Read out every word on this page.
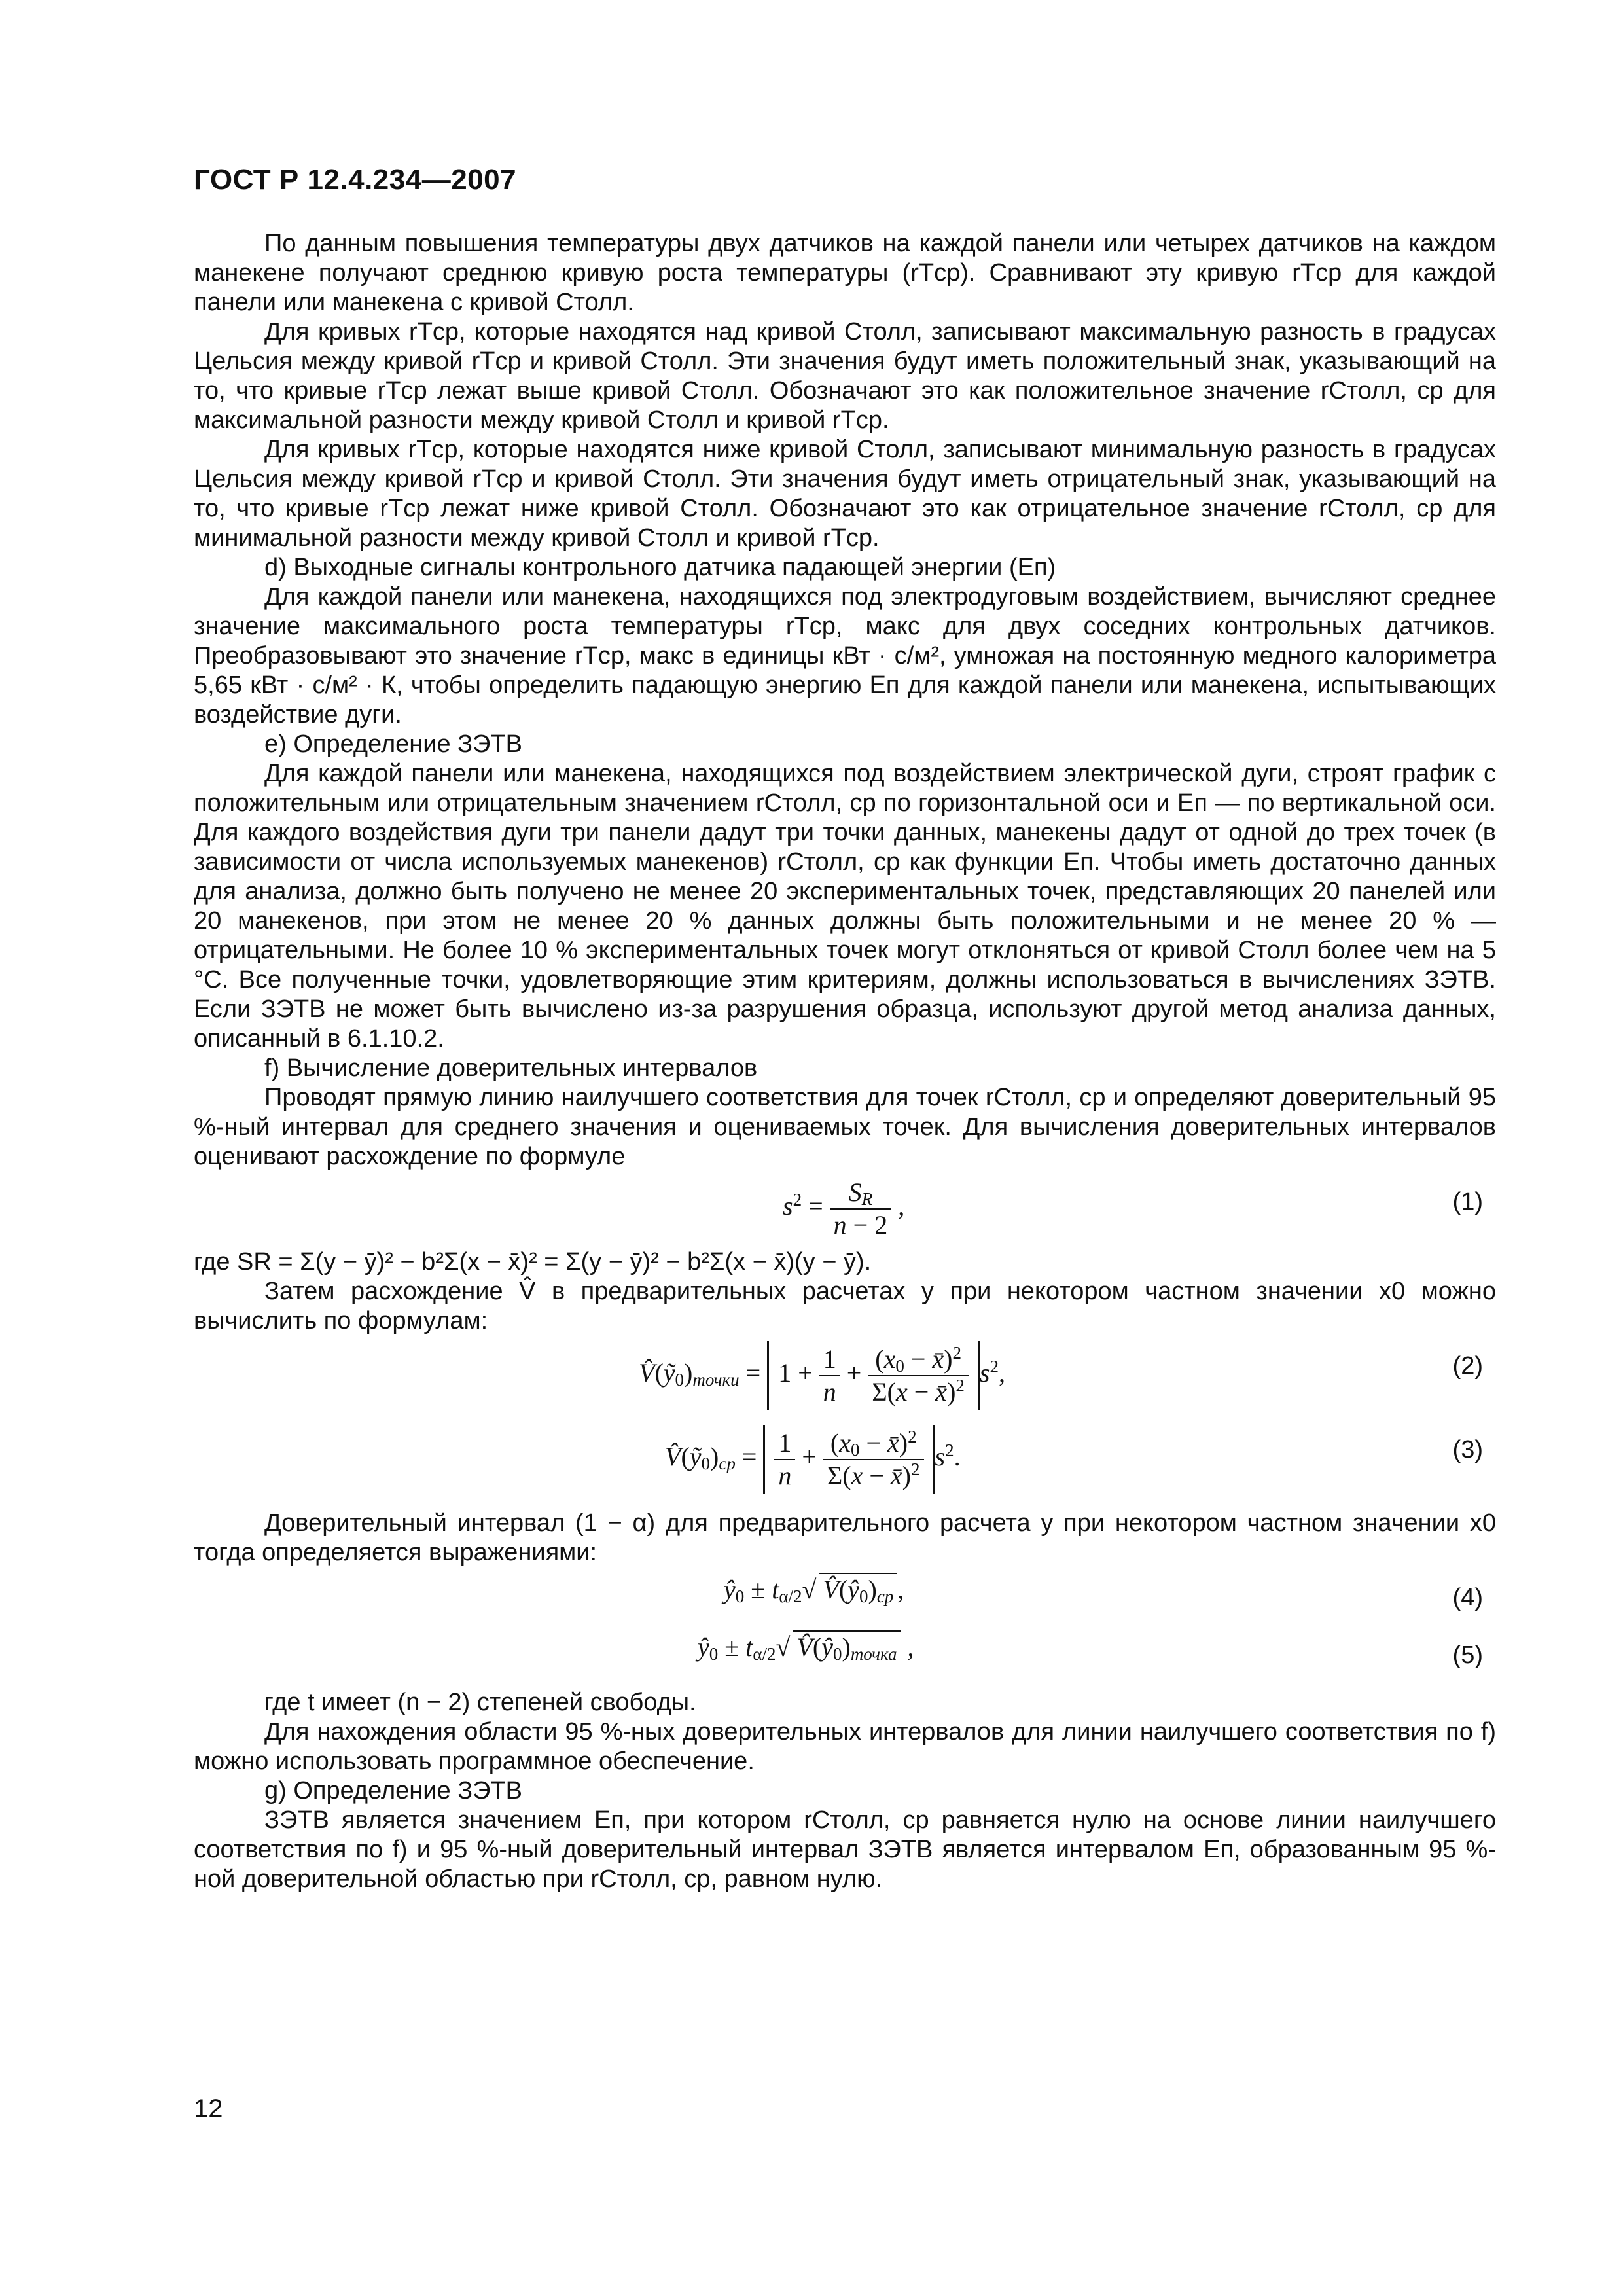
ГОСТ Р 12.4.234—2007

По данным повышения температуры двух датчиков на каждой панели или четырех датчиков на каждом манекене получают среднюю кривую роста температуры (rTср). Сравнивают эту кривую rTср для каждой панели или манекена с кривой Столл.

Для кривых rTср, которые находятся над кривой Столл, записывают максимальную разность в градусах Цельсия между кривой rTср и кривой Столл. Эти значения будут иметь положительный знак, указывающий на то, что кривые rTср лежат выше кривой Столл. Обозначают это как положительное значение rСтолл, ср для максимальной разности между кривой Столл и кривой rTср.

Для кривых rTср, которые находятся ниже кривой Столл, записывают минимальную разность в градусах Цельсия между кривой rTср и кривой Столл. Эти значения будут иметь отрицательный знак, указывающий на то, что кривые rTср лежат ниже кривой Столл. Обозначают это как отрицательное значение rСтолл, ср для минимальной разности между кривой Столл и кривой rTср.

d) Выходные сигналы контрольного датчика падающей энергии (Eп)

Для каждой панели или манекена, находящихся под электродуговым воздействием, вычисляют среднее значение максимального роста температуры rTср, макс для двух соседних контрольных датчиков. Преобразовывают это значение rTср, макс в единицы кВт · с/м², умножая на постоянную медного калориметра 5,65 кВт · с/м² · К, чтобы определить падающую энергию Eп для каждой панели или манекена, испытывающих воздействие дуги.

e) Определение ЗЭТВ

Для каждой панели или манекена, находящихся под воздействием электрической дуги, строят график с положительным или отрицательным значением rСтолл, ср по горизонтальной оси и Eп — по вертикальной оси. Для каждого воздействия дуги три панели дадут три точки данных, манекены дадут от одной до трех точек (в зависимости от числа используемых манекенов) rСтолл, ср как функции Eп. Чтобы иметь достаточно данных для анализа, должно быть получено не менее 20 экспериментальных точек, представляющих 20 панелей или 20 манекенов, при этом не менее 20 % данных должны быть положительными и не менее 20 % — отрицательными. Не более 10 % экспериментальных точек могут отклоняться от кривой Столл более чем на 5 °С. Все полученные точки, удовлетворяющие этим критериям, должны использоваться в вычислениях ЗЭТВ. Если ЗЭТВ не может быть вычислено из-за разрушения образца, используют другой метод анализа данных, описанный в 6.1.10.2.

f) Вычисление доверительных интервалов

Проводят прямую линию наилучшего соответствия для точек rСтолл, ср и определяют доверительный 95 %-ный интервал для среднего значения и оцениваемых точек. Для вычисления доверительных интервалов оценивают расхождение по формуле

$s^2 = \frac{S_R}{n - 2}$ ,	(1)

где SR = Σ(y − ȳ)² − b²Σ(x − x̄)² = Σ(y − ȳ)² − b²Σ(x − x̄)(y − ȳ).

Затем расхождение V̂ в предварительных расчетах y при некотором частном значении x0 можно вычислить по формулам:

$V̂(ỹ_0)_{точки} = 1 + \frac{1}{n} + \frac{(x_0 - x̄)^2}{\Sigma(x - x̄)^2} s^2$,	(2)
$V̂(ỹ_0)_{ср} = \frac{1}{n} + \frac{(x_0 - x̄)^2}{\Sigma(x - x̄)^2} s^2$.	(3)

Доверительный интервал (1 − α) для предварительного расчета y при некотором частном значении x0 тогда определяется выражениями:

$ŷ_0 \pm t_{\alpha/2}√$ $V̂(ŷ_0)_{ср}$ ,	(4)
$ŷ_0 \pm t_{\alpha/2}√$ $V̂(ŷ_0)_{точка}$ ,	(5)

где t имеет (n − 2) степеней свободы.

Для нахождения области 95 %-ных доверительных интервалов для линии наилучшего соответствия по f) можно использовать программное обеспечение.

g) Определение ЗЭТВ

ЗЭТВ является значением Eп, при котором rСтолл, ср равняется нулю на основе линии наилучшего соответствия по f) и 95 %-ный доверительный интервал ЗЭТВ является интервалом Eп, образованным 95 %-ной доверительной областью при rСтолл, ср, равном нулю.

12
